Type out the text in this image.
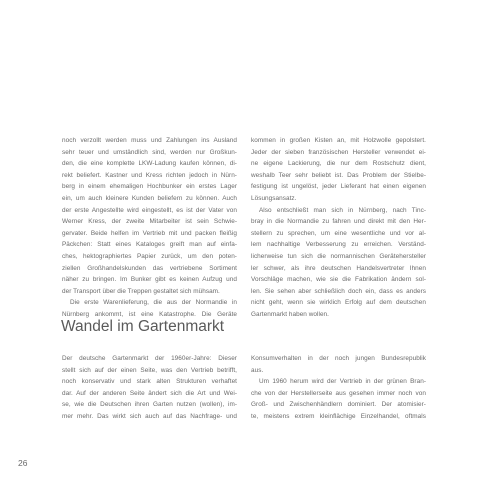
noch verzollt werden muss und Zahlungen ins Ausland
sehr teuer und umständlich sind, werden nur Großkun-
den, die eine komplette LKW-Ladung kaufen können, di-
rekt beliefert. Kastner und Kress richten jedoch in Nürn-
berg in einem ehemaligen Hochbunker ein erstes Lager
ein, um auch kleinere Kunden beliefern zu können. Auch
der erste Angestellte wird eingestellt, es ist der Vater von
Werner Kress, der zweite Mitarbeiter ist sein Schwie-
gervater. Beide helfen im Vertrieb mit und packen fleißig
Päckchen: Statt eines Kataloges greift man auf einfa-
ches, hektographiertes Papier zurück, um den poten-
ziellen Großhandelskunden das vertriebene Sortiment
näher zu bringen. Im Bunker gibt es keinen Aufzug und
der Transport über die Treppen gestaltet sich mühsam.
Die erste Warenlieferung, die aus der Normandie in
Nürnberg ankommt, ist eine Katastrophe. Die Geräte
kommen in großen Kisten an, mit Holzwolle gepolstert.
Jeder der sieben französischen Hersteller verwendet ei-
ne eigene Lackierung, die nur dem Rostschutz dient,
weshalb Teer sehr beliebt ist. Das Problem der Stielbe-
festigung ist ungelöst, jeder Lieferant hat einen eigenen
Lösungsansatz.
Also entschließt man sich in Nürnberg, nach Tinc-
bray in die Normandie zu fahren und direkt mit den Her-
stellern zu sprechen, um eine wesentliche und vor al-
lem nachhaltige Verbesserung zu erreichen. Verständ-
licherweise tun sich die normannischen Gerätehersteller
ler schwer, als ihre deutschen Handelsvertreter Ihnen
Vorschläge machen, wie sie die Fabrikation ändern sol-
len. Sie sehen aber schließlich doch ein, dass es anders
nicht geht, wenn sie wirklich Erfolg auf dem deutschen
Gartenmarkt haben wollen.
Wandel im Gartenmarkt
Der deutsche Gartenmarkt der 1960er-Jahre: Dieser
stellt sich auf der einen Seite, was den Vertrieb betrifft,
noch konservativ und stark alten Strukturen verhaftet
dar. Auf der anderen Seite ändert sich die Art und Wei-
se, wie die Deutschen ihren Garten nutzen (wollen), im-
mer mehr. Das wirkt sich auch auf das Nachfrage- und
Konsumverhalten in der noch jungen Bundesrepublik
aus.
Um 1960 herum wird der Vertrieb in der grünen Bran-
che von der Herstellerseite aus gesehen immer noch von
Groß- und Zwischenhändlern dominiert. Der atomisier-
te, meistens extrem kleinflächige Einzelhandel, oftmals
26
